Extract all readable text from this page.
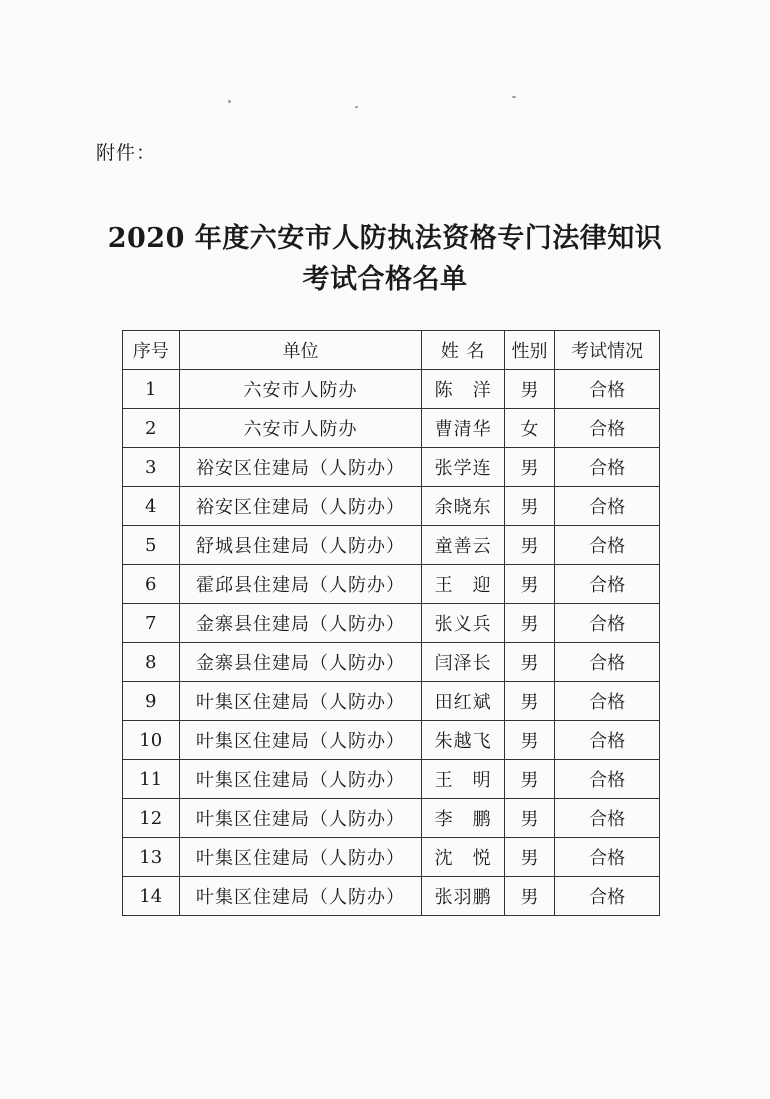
附件：
2020 年度六安市人防执法资格专门法律知识
考试合格名单
序号	单位	姓 名	性别	考试情况
1	六安市人防办	陈　洋	男	合格
2	六安市人防办	曹清华	女	合格
3	裕安区住建局（人防办）	张学连	男	合格
4	裕安区住建局（人防办）	余晓东	男	合格
5	舒城县住建局（人防办）	童善云	男	合格
6	霍邱县住建局（人防办）	王　迎	男	合格
7	金寨县住建局（人防办）	张义兵	男	合格
8	金寨县住建局（人防办）	闫泽长	男	合格
9	叶集区住建局（人防办）	田红斌	男	合格
10	叶集区住建局（人防办）	朱越飞	男	合格
11	叶集区住建局（人防办）	王　明	男	合格
12	叶集区住建局（人防办）	李　鹏	男	合格
13	叶集区住建局（人防办）	沈　悦	男	合格
14	叶集区住建局（人防办）	张羽鹏	男	合格
